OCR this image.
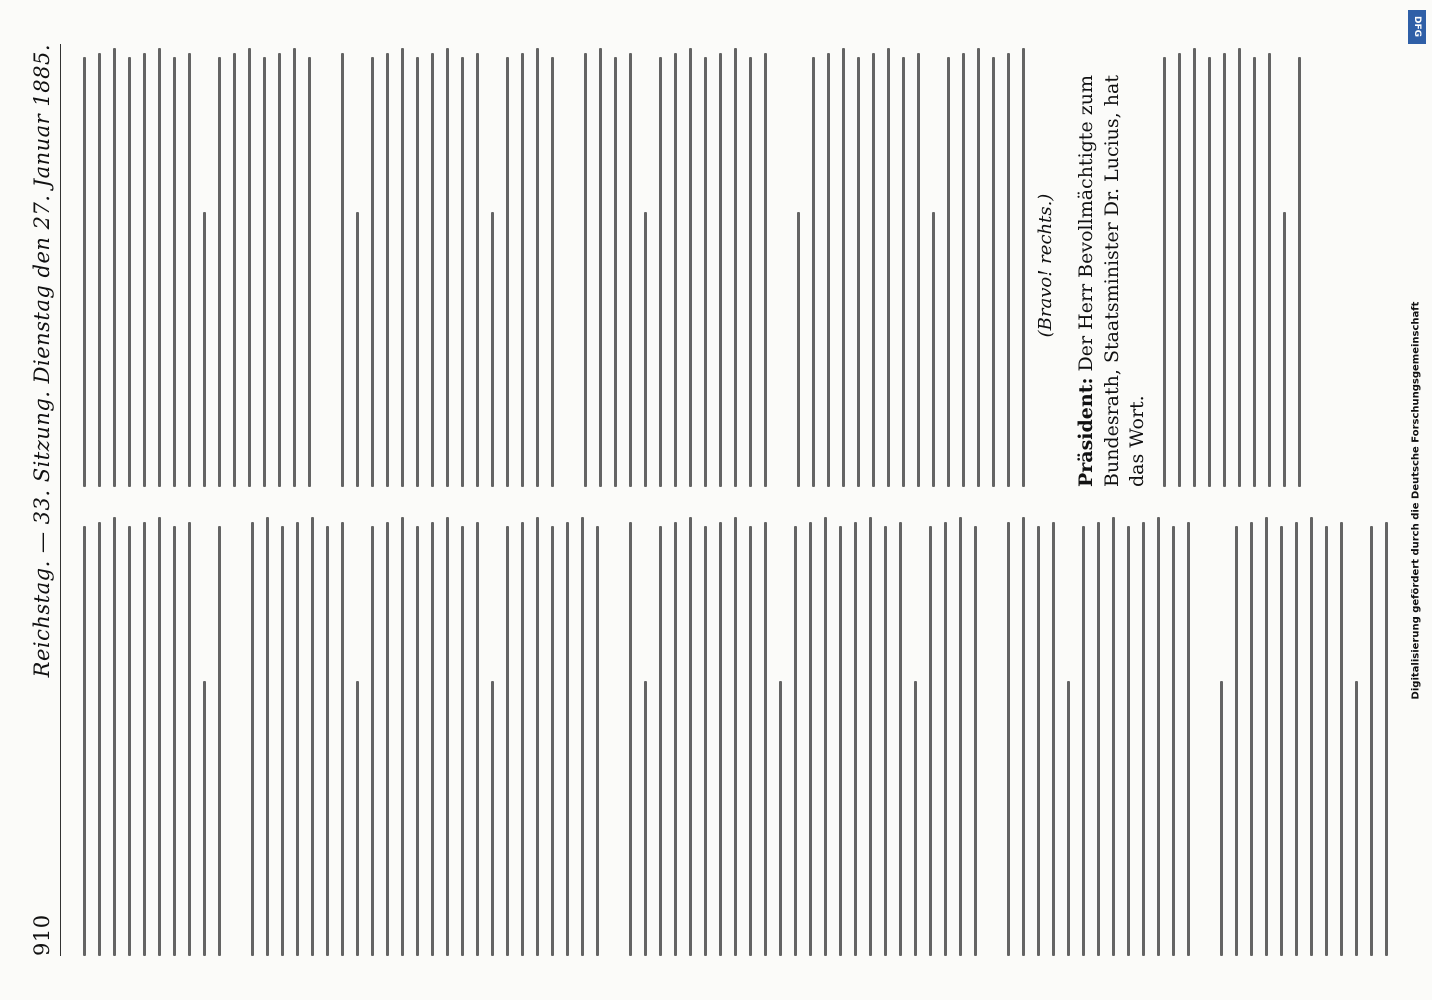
910
Reichstag. — 33. Sitzung. Dienstag den 27. Januar 1885.	(Bravo! rechts.)
Präsident: Der Herr Bevollmächtigte zum Bundesrath, Staatsminister Dr. Lucius, hat das Wort.	Digitalisierung gefördert durch die Deutsche Forschungsgemeinschaft
DFG
